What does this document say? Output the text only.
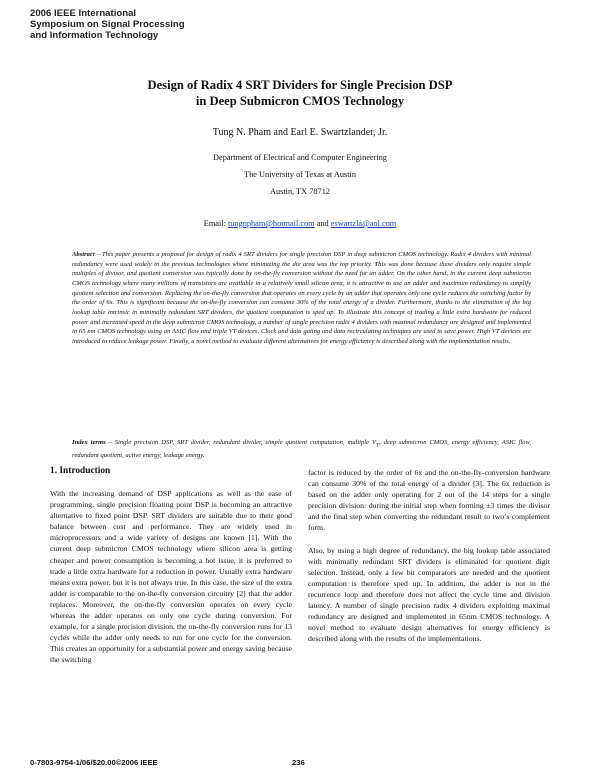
2006 IEEE International
Symposium on Signal Processing
and Information Technology
Design of Radix 4 SRT Dividers for Single Precision DSP
in Deep Submicron CMOS Technology
Tung N. Pham and Earl E. Swartzlander, Jr.
Department of Electrical and Computer Engineering
The University of Texas at Austin
Austin, TX 78712
Email: tungnpham@hotmail.com and eswartzla@aol.com
Abstract – This paper presents a proposal for design of radix 4 SRT dividers for single precision DSP in deep submicron CMOS technology. Radix 4 dividers with minimal redundancy were used widely in the previous technologies where minimizing the die area was the top priority. This was done because these dividers only require simple multiples of divisor, and quotient conversion was typically done by on-the-fly conversion without the need for an adder. On the other hand, in the current deep submicron CMOS technology where many millions of transistors are available in a relatively small silicon area, it is attractive to use an adder and maximum redundancy to simplify quotient selection and conversion. Replacing the on-the-fly conversion that operates on every cycle by an adder that operates only one cycle reduces the switching factor by the order of 6x. This is significant because the on-the-fly conversion can consume 30% of the total energy of a divider. Furthermore, thanks to the elimination of the big lookup table intrinsic in minimally redundant SRT dividers, the quotient computation is sped up. To illustrate this concept of trading a little extra hardware for reduced power and increased speed in the deep submicron CMOS technology, a number of single precision radix 4 dividers with maximal redundancy are designed and implemented in 65 nm CMOS technology using an ASIC flow and triple VT devices. Clock and data gating and data recirculating techniques are used to save power. High VT devices are introduced to reduce leakage power. Finally, a novel method to evaluate different alternatives for energy efficiency is described along with the implementation results.
Index terms – Single precision DSP, SRT divider, redundant divider, simple quotient computation, multiple $V_T$, deep submicron CMOS, energy efficiency, ASIC flow, redundant quotient, active energy, leakage energy.
1. Introduction

With the increasing demand of DSP applications as well as the ease of programming, single precision floating point DSP is becoming an attractive alternative to fixed point DSP. SRT dividers are suitable due to their good balance between cost and performance. They are widely used in microprocessors and a wide variety of designs are known [1]. With the current deep submicron CMOS technology where silicon area is getting cheaper and power consumption is becoming a hot issue, it is preferred to trade a little extra hardware for a reduction in power. Usually extra hardware means extra power, but it is not always true. In this case, the size of the extra adder is comparable to the on-the-fly conversion circuitry [2] that the adder replaces. Moreover, the on-the-fly conversion operates on every cycle whereas the adder operates on only one cycle during conversion. For example, for a single precision division, the on-the-fly conversion runs for 13 cycles while the adder only needs to run for one cycle for the conversion. This creates an opportunity for a substantial power and energy saving because the switching

factor is reduced by the order of 6x and the on-the-fly-conversion hardware can consume 30% of the total energy of a divider [3]. The 6x reduction is based on the adder only operating for 2 out of the 14 steps for a single precision division: during the initial step when forming ±3 times the divisor and the final step when converting the redundant result to two’s complement form.

Also, by using a high degree of redundancy, the big lookup table associated with minimally redundant SRT dividers is eliminated for quotient digit selection. Instead, only a few bit comparators are needed and the quotient computation is therefore sped up. In addition, the adder is not in the recurrence loop and therefore does not affect the cycle time and division latency. A number of single precision radix 4 dividers exploiting maximal redundancy are designed and implemented in 65nm CMOS technology. A novel method to evaluate design alternatives for energy efficiency is described along with the results of the implementations.

0-7803-9754-1/06/$20.00©2006 IEEE	236
